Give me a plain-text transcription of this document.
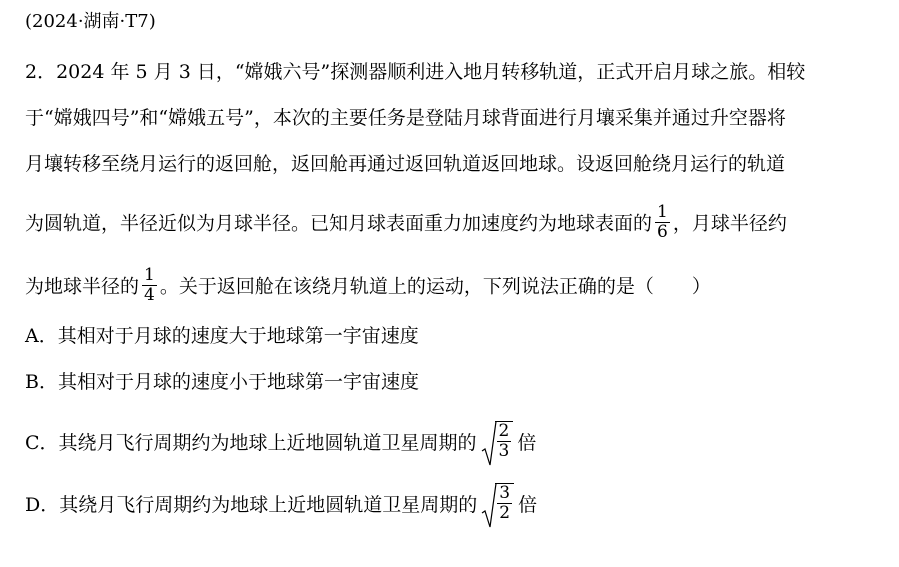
(2024·湖南·T7)
2．2024 年 5 月 3 日，“嫦娥六号”探测器顺利进入地月转移轨道，正式开启月球之旅。相较
于“嫦娥四号”和“嫦娥五号”，本次的主要任务是登陆月球背面进行月壤采集并通过升空器将
月壤转移至绕月运行的返回舱，返回舱再通过返回轨道返回地球。设返回舱绕月运行的轨道
为圆轨道，半径近似为月球半径。已知月球表面重力加速度约为地球表面的 $\frac{1}{6}$ ，月球半径约
为地球半径的 $\frac{1}{4}$ 。关于返回舱在该绕月轨道上的运动，下列说法正确的是（　　）
A．其相对于月球的速度大于地球第一宇宙速度
B．其相对于月球的速度小于地球第一宇宙速度
C．其绕月飞行周期约为地球上近地圆轨道卫星周期的 $\frac{2}{3}$ 倍
D．其绕月飞行周期约为地球上近地圆轨道卫星周期的 $\frac{3}{2}$ 倍
